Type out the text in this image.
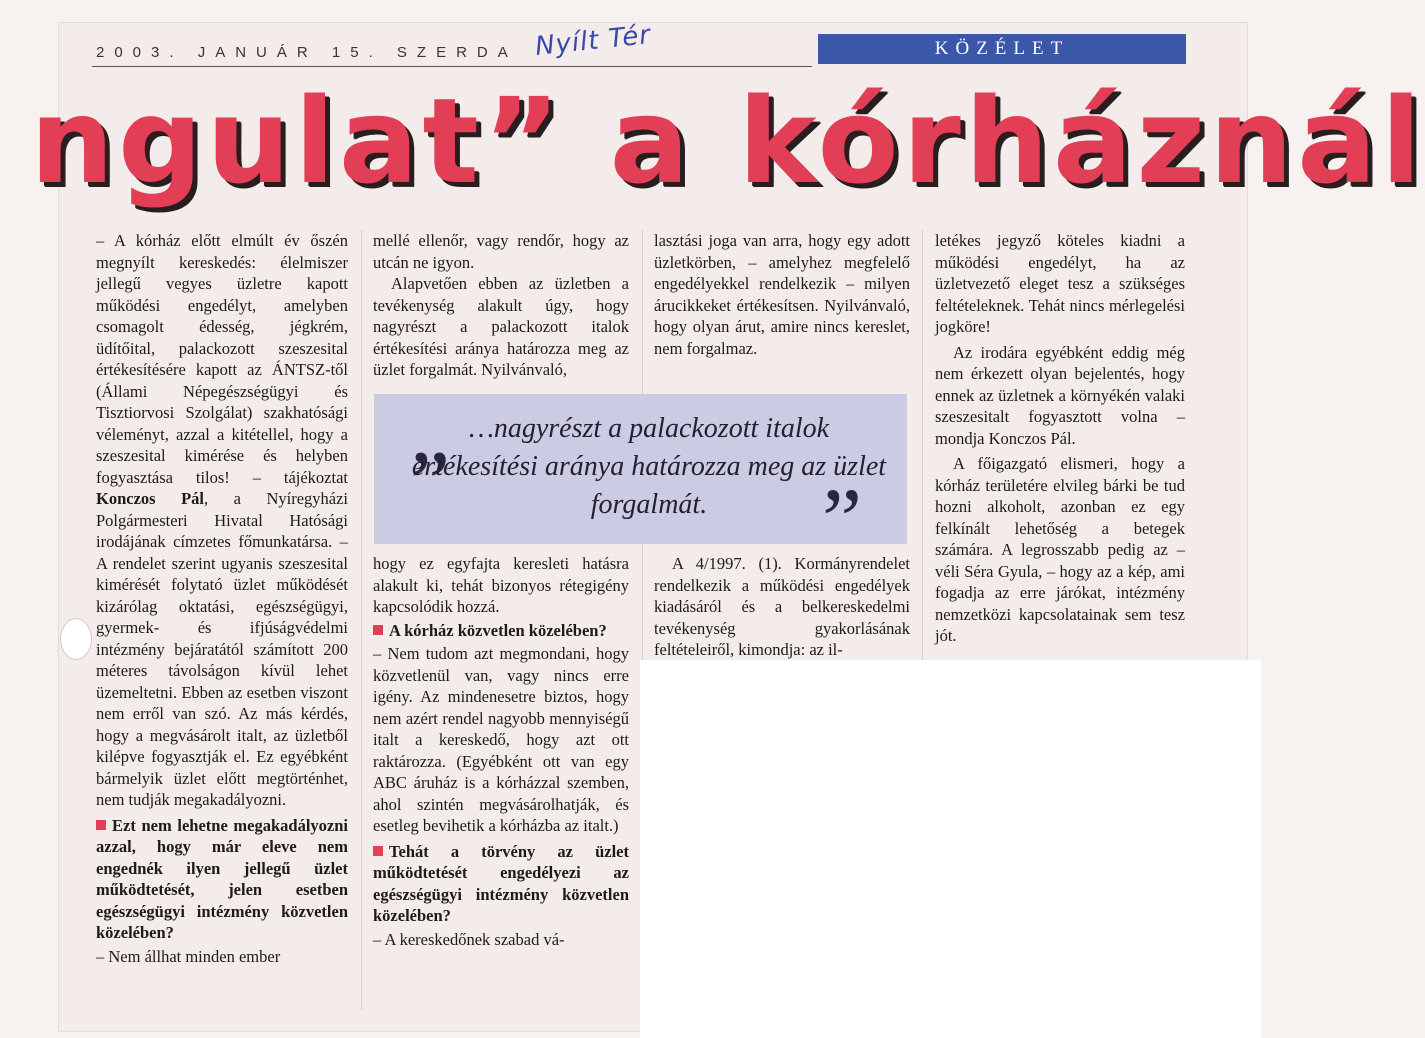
2003. JANUÁR 15. SZERDA Nyílt Tér	KÖZÉLET
ngulat” a kórháznál

– A kórház előtt elmúlt év őszén megnyílt kereskedés: élelmiszer jellegű vegyes üzletre kapott működési engedélyt, amelyben csomagolt édesség, jégkrém, üdítőital, palackozott szeszesital értékesítésére kapott az ÁNTSZ-től (Állami Népegészségügyi és Tisztiorvosi Szolgálat) szakhatósági véleményt, azzal a kitétellel, hogy a szeszesital kimérése és helyben fogyasztása tilos! – tájékoztat Konczos Pál, a Nyíregyházi Polgármesteri Hivatal Hatósági irodájának címzetes főmunkatársa. – A rendelet szerint ugyanis szeszesital kimérését folytató üzlet működését kizárólag oktatási, egészségügyi, gyermek- és ifjúságvédelmi intézmény bejáratától számított 200 méteres távolságon kívül lehet üzemeltetni. Ebben az esetben viszont nem erről van szó. Az más kérdés, hogy a megvásárolt italt, az üzletből kilépve fogyasztják el. Ez egyébként bármelyik üzlet előtt megtörténhet, nem tudják megakadályozni.

Ezt nem lehetne megakadályozni azzal, hogy már eleve nem engednék ilyen jellegű üzlet működtetését, jelen esetben egészségügyi intézmény közvetlen közelében?

– Nem állhat minden ember

mellé ellenőr, vagy rendőr, hogy az utcán ne igyon.

Alapvetően ebben az üzletben a tevékenység alakult úgy, hogy nagyrészt a palackozott italok értékesítési aránya határozza meg az üzlet forgalmát. Nyilvánvaló,

lasztási joga van arra, hogy egy adott üzletkörben, – amelyhez megfelelő engedélyekkel rendelkezik – milyen árucikkeket értékesítsen. Nyilvánvaló, hogy olyan árut, amire nincs kereslet, nem forgalmaz.

„ …nagyrészt a palackozott italok értékesítési aránya határozza meg az üzlet forgalmát.	”

hogy ez egyfajta keresleti hatásra alakult ki, tehát bizonyos rétegigény kapcsolódik hozzá.

A kórház közvetlen közelében?

– Nem tudom azt megmondani, hogy közvetlenül van, vagy nincs erre igény. Az mindenesetre biztos, hogy nem azért rendel nagyobb mennyiségű italt a kereskedő, hogy azt ott raktározza. (Egyébként ott van egy ABC áruház is a kórházzal szemben, ahol szintén megvásárolhatják, és esetleg bevihetik a kórházba az italt.)

Tehát a törvény az üzlet működtetését engedélyezi az egészségügyi intézmény közvetlen közelében?

– A kereskedőnek szabad vá-

A 4/1997. (1). Kormányrendelet rendelkezik a működési engedélyek kiadásáról és a belkereskedelmi tevékenység gyakorlásának feltételeiről, kimondja: az il-

letékes jegyző köteles kiadni a működési engedélyt, ha az üzletvezető eleget tesz a szükséges feltételeknek. Tehát nincs mérlegelési jogköre!

Az irodára egyébként eddig még nem érkezett olyan bejelentés, hogy ennek az üzletnek a környékén valaki szeszesitalt fogyasztott volna – mondja Konczos Pál.

A főigazgató elismeri, hogy a kórház területére elvileg bárki be tud hozni alkoholt, azonban ez egy felkínált lehetőség a betegek számára. A legrosszabb pedig az – véli Séra Gyula, – hogy az a kép, ami fogadja az erre járókat, intézmény nemzetközi kapcsolatainak sem tesz jót.
